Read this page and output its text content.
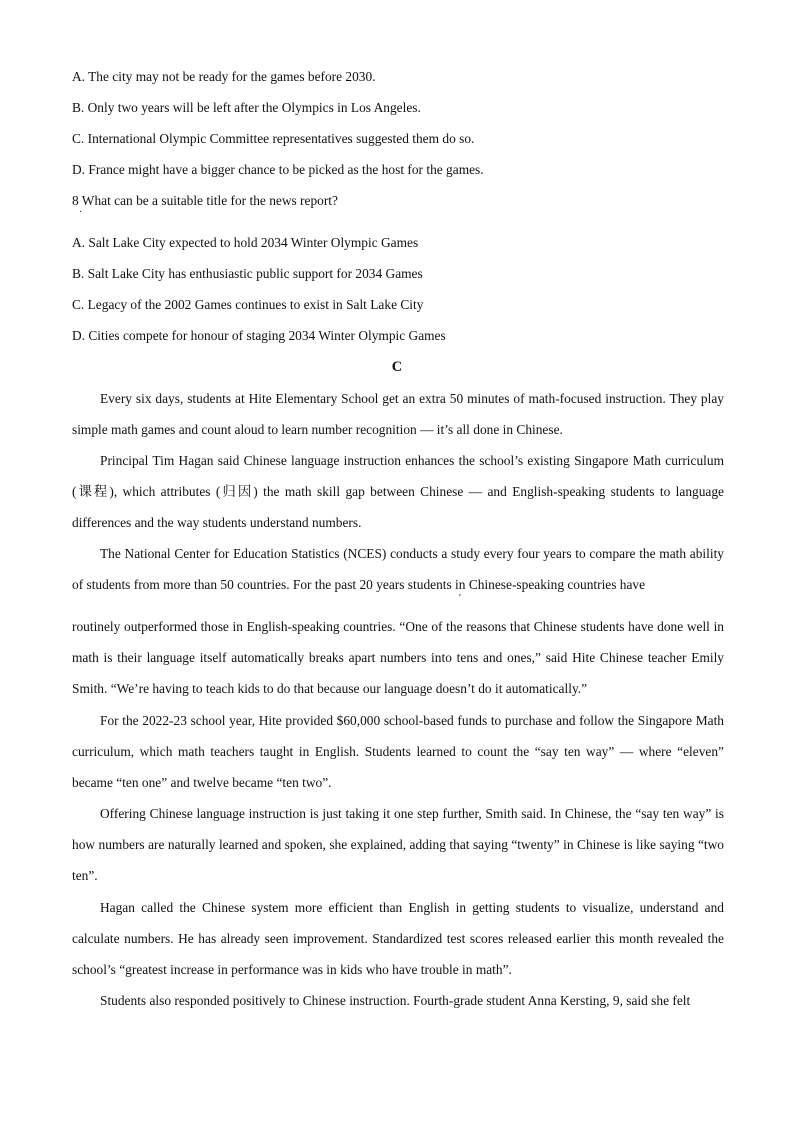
A. The city may not be ready for the games before 2030.
B. Only two years will be left after the Olympics in Los Angeles.
C. International Olympic Committee representatives suggested them do so.
D. France might have a bigger chance to be picked as the host for the games.
8 What can be a suitable title for the news report?
·
A. Salt Lake City expected to hold 2034 Winter Olympic Games
B. Salt Lake City has enthusiastic public support for 2034 Games
C. Legacy of the 2002 Games continues to exist in Salt Lake City
D. Cities compete for honour of staging 2034 Winter Olympic Games
C

Every six days, students at Hite Elementary School get an extra 50 minutes of math-focused instruction. They play simple math games and count aloud to learn number recognition — it’s all done in Chinese.

Principal Tim Hagan said Chinese language instruction enhances the school’s existing Singapore Math curriculum (课程), which attributes (归因) the math skill gap between Chinese — and English-speaking students to language differences and the way students understand numbers.

The National Center for Education Statistics (NCES) conducts a study every four years to compare the math ability of students from more than 50 countries. For the past 20 years students in Chinese-speaking countries have

'

routinely outperformed those in English-speaking countries. “One of the reasons that Chinese students have done well in math is their language itself automatically breaks apart numbers into tens and ones,” said Hite Chinese teacher Emily Smith. “We’re having to teach kids to do that because our language doesn’t do it automatically.”

For the 2022-23 school year, Hite provided $60,000 school-based funds to purchase and follow the Singapore Math curriculum, which math teachers taught in English. Students learned to count the “say ten way” — where “eleven” became “ten one” and twelve became “ten two”.

Offering Chinese language instruction is just taking it one step further, Smith said. In Chinese, the “say ten way” is how numbers are naturally learned and spoken, she explained, adding that saying “twenty” in Chinese is like saying “two ten”.

Hagan called the Chinese system more efficient than English in getting students to visualize, understand and calculate numbers. He has already seen improvement. Standardized test scores released earlier this month revealed the school’s “greatest increase in performance was in kids who have trouble in math”.

Students also responded positively to Chinese instruction. Fourth-grade student Anna Kersting, 9, said she felt
